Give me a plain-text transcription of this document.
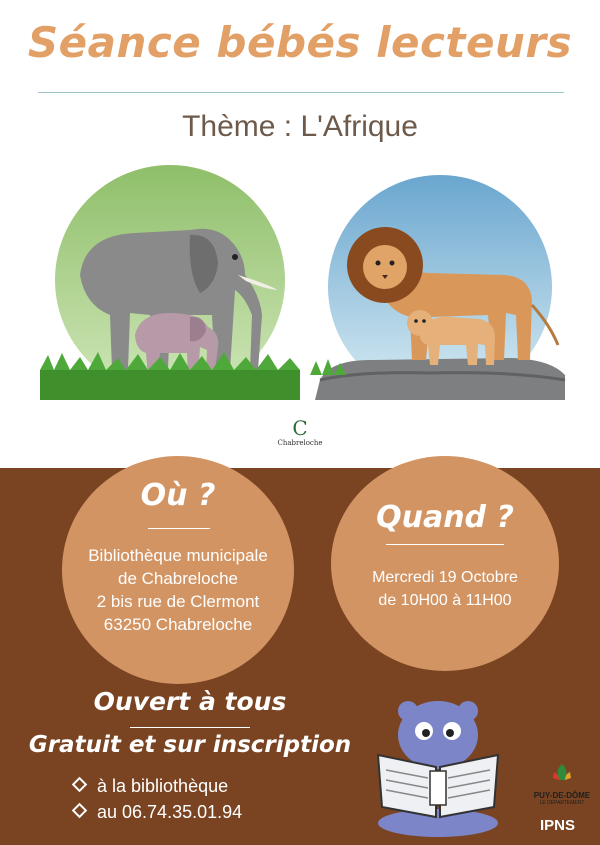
Séance bébés lecteurs
Thème : L'Afrique
C
Chabreloche
Où ?
Bibliothèque municipale
de Chabreloche
2 bis rue de Clermont
63250 Chabreloche
Quand ?
Mercredi 19 Octobre
de 10H00 à 11H00
Ouvert à tous
Gratuit et sur inscription
à la bibliothèque
au 06.74.35.01.94
PUY-DE-DÔME
LE DÉPARTEMENT
IPNS
